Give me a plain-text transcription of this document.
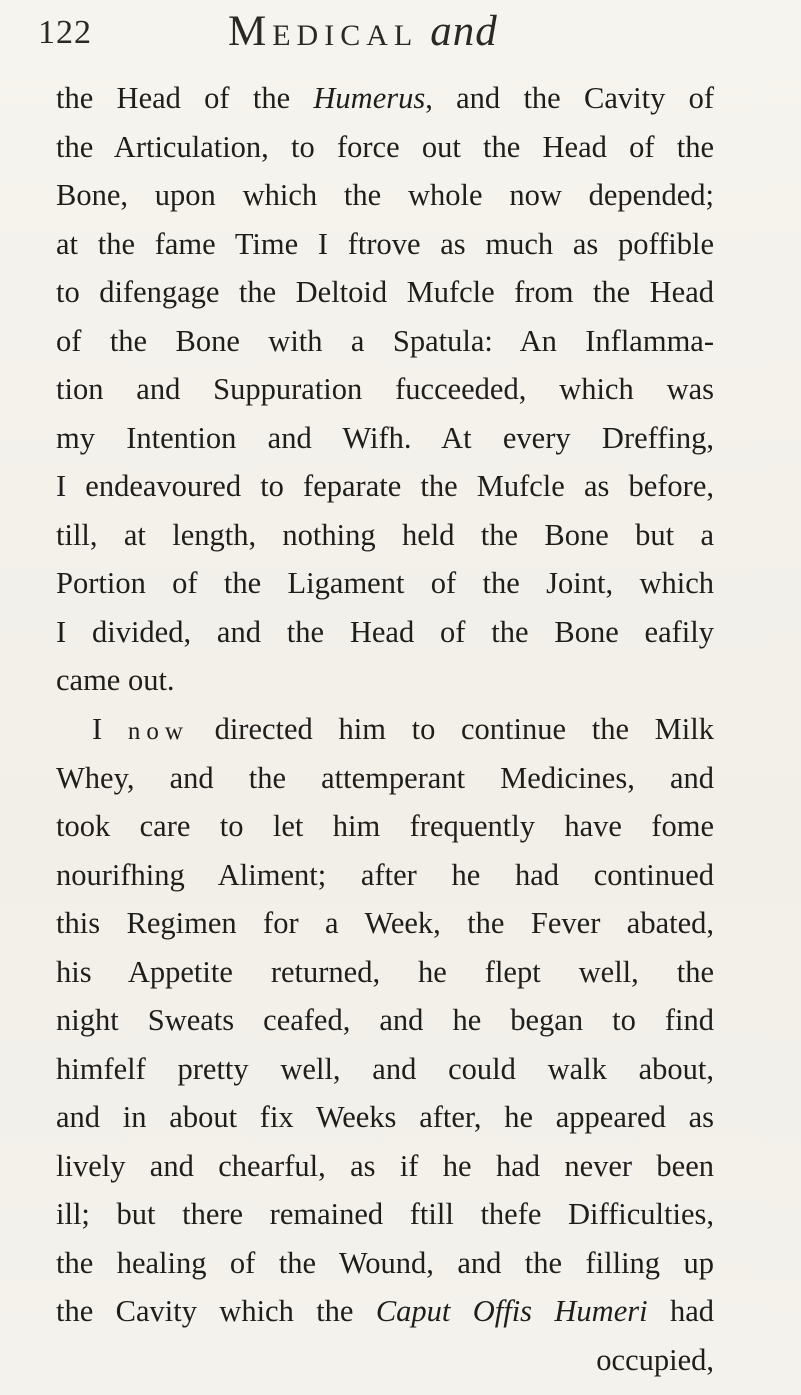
122	Medical and
the Head of the Humerus, and the Cavity of
the Articulation, to force out the Head of the
Bone, upon which the whole now depended;
at the fame Time I ftrove as much as poffible
to difengage the Deltoid Mufcle from the Head
of the Bone with a Spatula: An Inflamma-
tion and Suppuration fucceeded, which was
my Intention and Wifh. At every Dreffing,
I endeavoured to feparate the Mufcle as before,
till, at length, nothing held the Bone but a
Portion of the Ligament of the Joint, which
I divided, and the Head of the Bone eafily
came out.
I now directed him to continue the Milk
Whey, and the attemperant Medicines, and
took care to let him frequently have fome
nourifhing Aliment; after he had continued
this Regimen for a Week, the Fever abated,
his Appetite returned, he flept well, the
night Sweats ceafed, and he began to find
himfelf pretty well, and could walk about,
and in about fix Weeks after, he appeared as
lively and chearful, as if he had never been
ill; but there remained ftill thefe Difficulties,
the healing of the Wound, and the filling up
the Cavity which the Caput Offis Humeri had
occupied,
